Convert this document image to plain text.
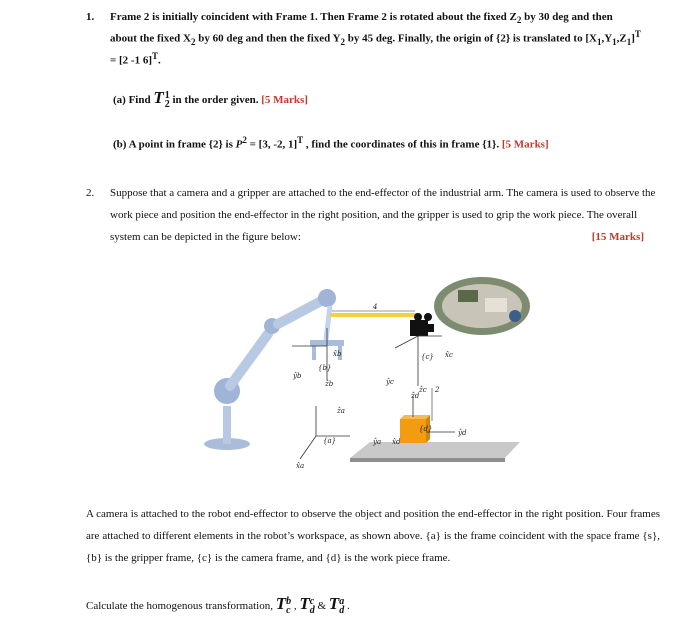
1. Frame 2 is initially coincident with Frame 1. Then Frame 2 is rotated about the fixed $Z_2$ by 30 deg and then
about the fixed $X_2$ by 60 deg and then the fixed $Y_2$ by 45 deg. Finally, the origin of {2} is translated to $[X_1,Y_1,Z_1]^T$
= [2 -1 6]$^T$.
(a) Find T 1
2 in the order given. [5 Marks]
(b) A point in frame {2} is $P^2 = [3$, -2, 1]$^T$ , find the coordinates of this in frame {1}. [5 Marks]
2. Suppose that a camera and a gripper are attached to the end-effector of the industrial arm. The camera is used to observe the work piece and position the end-effector in the right position, and the gripper is used to grip the work piece. The overall system can be depicted in the figure below:	[15 Marks]
4
2
{b}
{c}
{d}
{a}
ŷb
ẑb
x̂b
ŷc
ẑc
x̂c
ẑa
ẑd
ŷa x̂d
ŷd
x̂a
A camera is attached to the robot end-effector to observe the object and position the end-effector in the right position. Four frames are attached to different elements in the robot’s workspace, as shown above. {a} is the frame coincident with the space frame {s}, {b} is the gripper frame, {c} is the camera frame, and {d} is the work piece frame.
Calculate the homogenous transformation, T b
c , T c
d & T a
d .
